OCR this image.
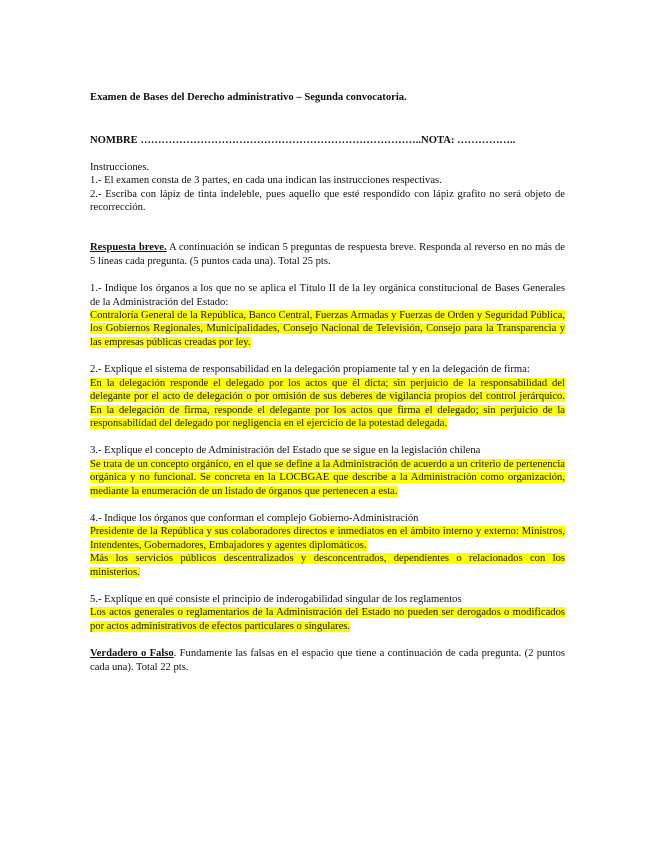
Examen de Bases del Derecho administrativo – Segunda convocatoria.

NOMBRE ……………………………………………………………………..NOTA: ……………..

Instrucciones.

1.- El examen consta de 3 partes, en cada una indican las instrucciones respectivas.

2.- Escriba con lápiz de tinta indeleble, pues aquello que esté respondido con lápiz grafito no será objeto de recorrección.

Respuesta breve. A continuación se indican 5 preguntas de respuesta breve. Responda al reverso en no más de 5 líneas cada pregunta. (5 puntos cada una). Total 25 pts.

1.- Indique los órganos a los que no se aplica el Título II de la ley orgánica constitucional de Bases Generales de la Administración del Estado:

Contraloría General de la República, Banco Central, Fuerzas Armadas y Fuerzas de Orden y Seguridad Pública, los Gobiernos Regionales, Municipalidades, Consejo Nacional de Televisión, Consejo para la Transparencia y las empresas públicas creadas por ley.

2.- Explique el sistema de responsabilidad en la delegación propiamente tal y en la delegación de firma:

En la delegación responde el delegado por los actos que él dicta; sin perjuicio de la responsabilidad del delegante por el acto de delegación o por omisión de sus deberes de vigilancia propios del control jerárquico. En la delegación de firma, responde el delegante por los actos que firma el delegado; sin perjuicio de la responsabilidad del delegado por negligencia en el ejercicio de la potestad delegada.

3.- Explique el concepto de Administración del Estado que se sigue en la legislación chilena

Se trata de un concepto orgánico, en el que se define a la Administración de acuerdo a un criterio de pertenencia orgánica y no funcional. Se concreta en la LOCBGAE que describe a la Administración como organización, mediante la enumeración de un listado de órganos que pertenecen a esta.

4.- Indique los órganos que conforman el complejo Gobierno-Administración

Presidente de la República y sus colaboradores directos e inmediatos en el ámbito interno y externo: Ministros, Intendentes, Gobernadores, Embajadores y agentes diplomáticos.

Más los servicios públicos descentralizados y desconcentrados, dependientes o relacionados con los ministerios.

5.- Explique en qué consiste el principio de inderogabilidad singular de los reglamentos

Los actos generales o reglamentarios de la Administración del Estado no pueden ser derogados o modificados por actos administrativos de efectos particulares o singulares.

Verdadero o Falso. Fundamente las falsas en el espacio que tiene a continuación de cada pregunta. (2 puntos cada una). Total 22 pts.
